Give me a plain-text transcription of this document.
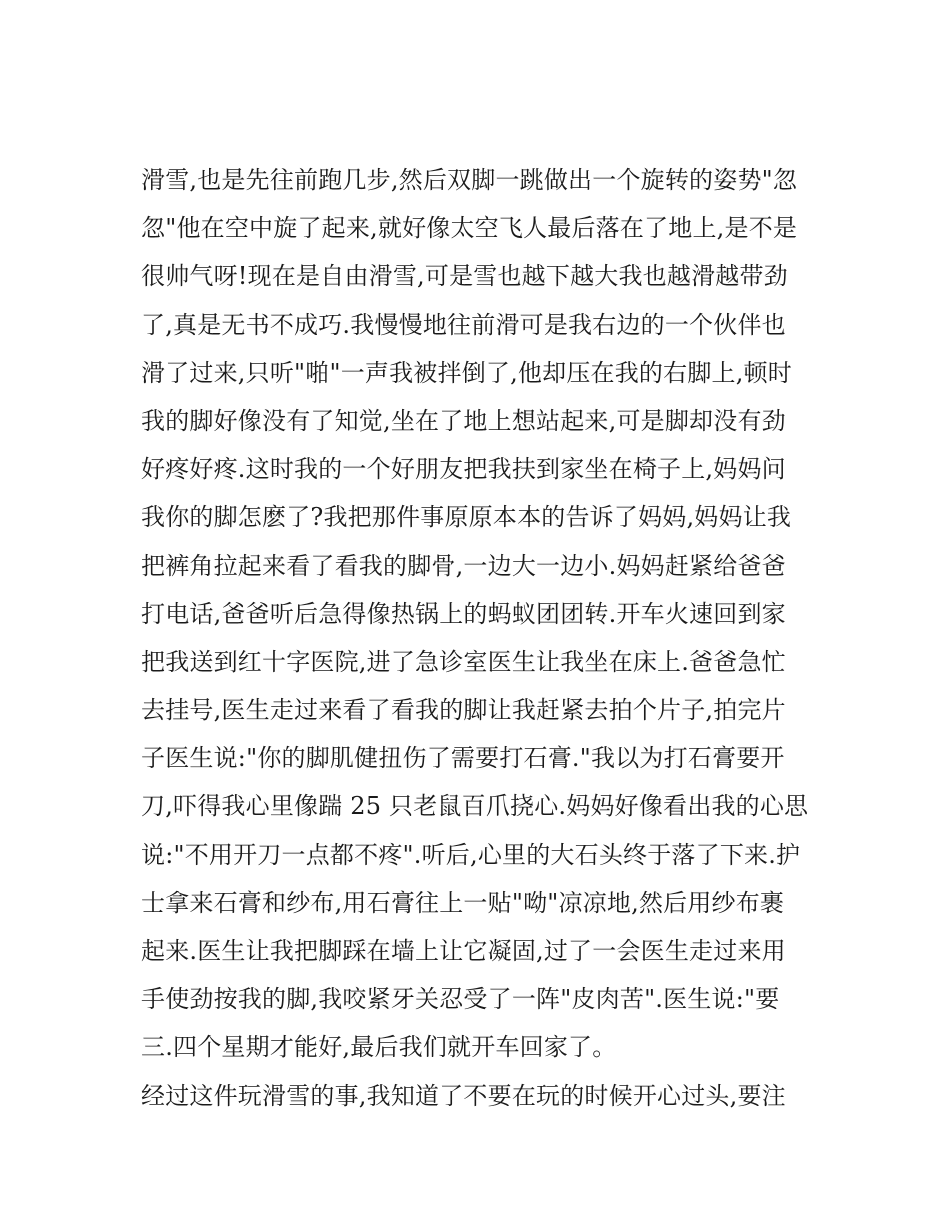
滑雪,也是先往前跑几步,然后双脚一跳做出一个旋转的姿势"忽
忽"他在空中旋了起来,就好像太空飞人最后落在了地上,是不是
很帅气呀!现在是自由滑雪,可是雪也越下越大我也越滑越带劲
了,真是无书不成巧.我慢慢地往前滑可是我右边的一个伙伴也
滑了过来,只听"啪"一声我被拌倒了,他却压在我的右脚上,顿时
我的脚好像没有了知觉,坐在了地上想站起来,可是脚却没有劲
好疼好疼.这时我的一个好朋友把我扶到家坐在椅子上,妈妈问
我你的脚怎麽了?我把那件事原原本本的告诉了妈妈,妈妈让我
把裤角拉起来看了看我的脚骨,一边大一边小.妈妈赶紧给爸爸
打电话,爸爸听后急得像热锅上的蚂蚁团团转.开车火速回到家
把我送到红十字医院,进了急诊室医生让我坐在床上.爸爸急忙
去挂号,医生走过来看了看我的脚让我赶紧去拍个片子,拍完片
子医生说:"你的脚肌健扭伤了需要打石膏."我以为打石膏要开
刀,吓得我心里像踹 25 只老鼠百爪挠心.妈妈好像看出我的心思
说:"不用开刀一点都不疼".听后,心里的大石头终于落了下来.护
士拿来石膏和纱布,用石膏往上一贴"呦"凉凉地,然后用纱布裹
起来.医生让我把脚踩在墙上让它凝固,过了一会医生走过来用
手使劲按我的脚,我咬紧牙关忍受了一阵"皮肉苦".医生说:"要
三.四个星期才能好,最后我们就开车回家了。
经过这件玩滑雪的事,我知道了不要在玩的时候开心过头,要注
